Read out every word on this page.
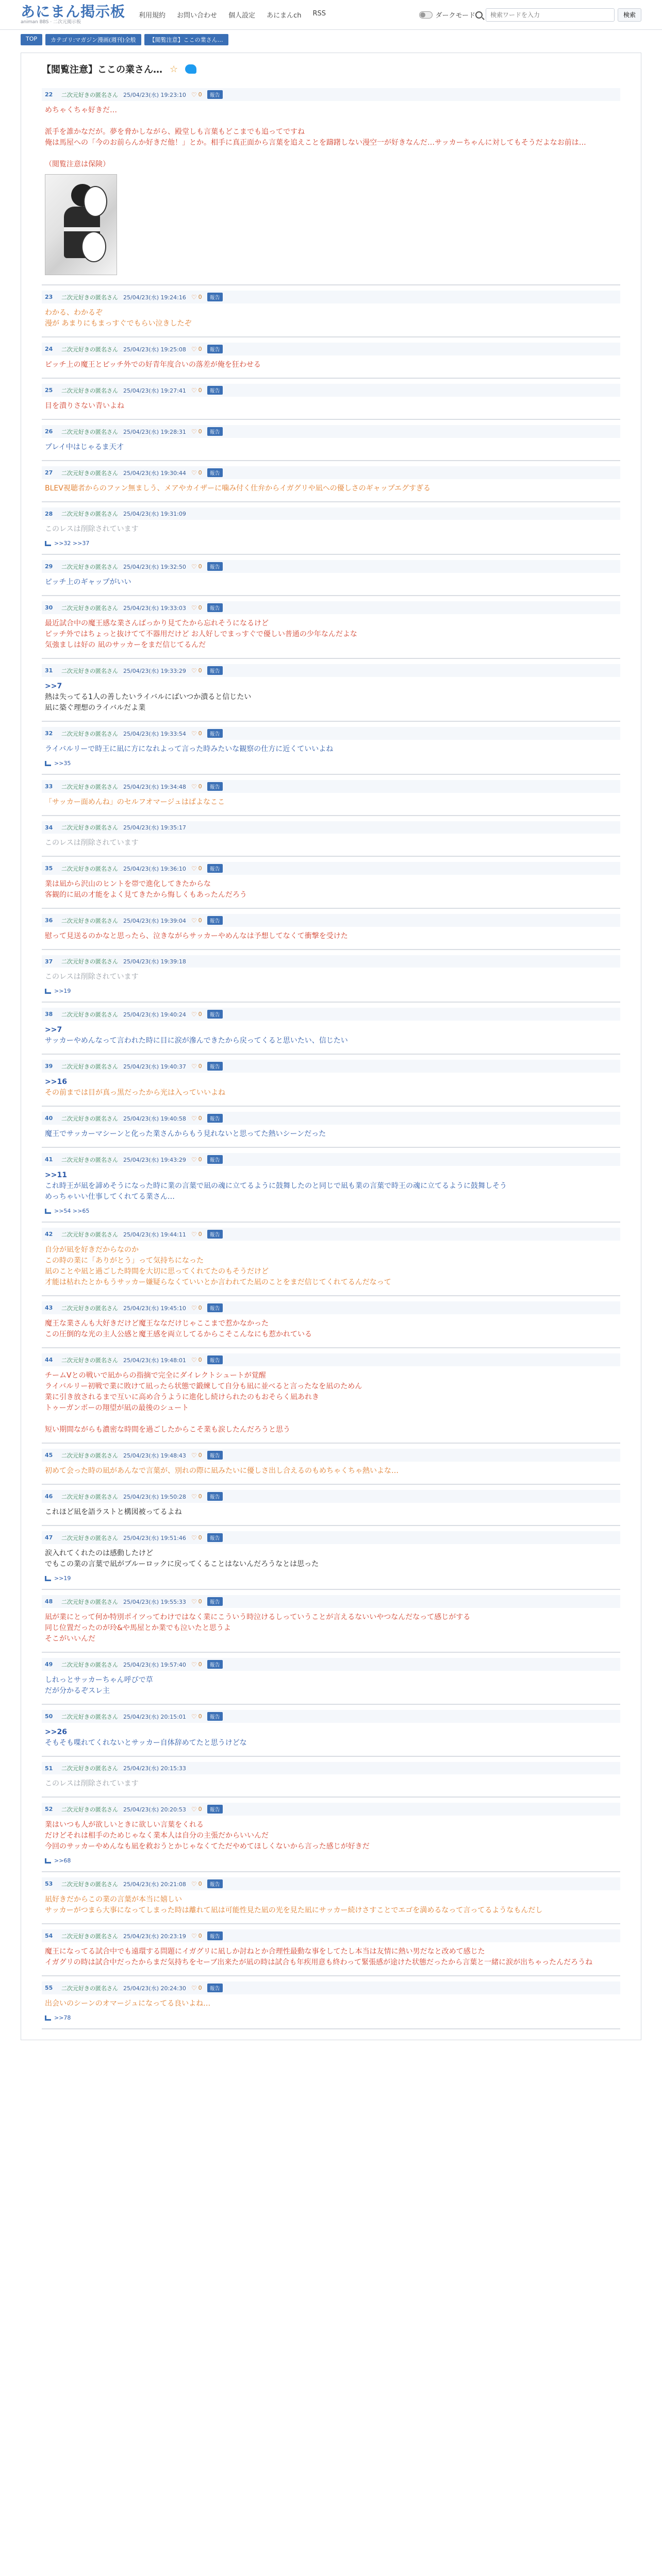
あにまん掲示板
animan BBS · 二次元掲示板
利用規約 お問い合わせ 個人設定 あにまんch RSS	ダークモード
検索ワードを入力	検索
TOP	カテゴリ:マガジン漫画(週刊)全般	【閲覧注意】ここの業さん…
【閲覧注意】ここの業さん… ☆
22	二次元好きの匿名さん 25/04/23(水) 19:23:10 ♡ 0	報告
めちゃくちゃ好きだ…
派手を誰かなだが。夢を脅かしながら、殿堂しも言葉もどこまでも追ってですね
俺は馬屋への「今のお前らんか好きだ他！」とか。相手に真正面から言葉を追えことを躊躇しない漫空一が好きなんだ…サッカーちゃんに対してもそうだよなお前は…
（閲覧注意は保険）
23	二次元好きの匿名さん 25/04/23(水) 19:24:16 ♡ 0	報告
わかる、わかるぞ
漫が あまりにもまっすぐでもらい泣きしたぞ
24	二次元好きの匿名さん 25/04/23(水) 19:25:08 ♡ 0	報告
ピッチ上の魔王とピッチ外での好青年度合いの落差が俺を狂わせる
25	二次元好きの匿名さん 25/04/23(水) 19:27:41 ♡ 0	報告
目を潰りさない青いよね
26	二次元好きの匿名さん 25/04/23(水) 19:28:31 ♡ 0	報告
プレイ中はじゃるま天才
27	二次元好きの匿名さん 25/04/23(水) 19:30:44 ♡ 0	報告
BLEV視聴者からのファン無ましう、メアやカイザーに噛み付く仕弁からイガグリや凪への優しさのギャップエグすぎる
28	二次元好きの匿名さん 25/04/23(水) 19:31:09
このレスは削除されています
>>32 >>37
29	二次元好きの匿名さん 25/04/23(水) 19:32:50 ♡ 0	報告
ピッチ上のギャップがいい
30	二次元好きの匿名さん 25/04/23(水) 19:33:03 ♡ 0	報告
最近試合中の魔王感な業さんばっかり見てたから忘れそうになるけど
ピッチ外ではちょっと抜けてて不器用だけど お人好しでまっすぐで優しい普通の少年なんだよな
気強ましは好の 凪のサッカーをまだ信じてるんだ
31	二次元好きの匿名さん 25/04/23(水) 19:33:29 ♡ 0	報告
>>7
熱は失ってる1人の善したいライバルにばいつか潰ると信じたい
凪に築ぐ理想のライバルだよ業
32	二次元好きの匿名さん 25/04/23(水) 19:33:54 ♡ 0	報告
ライバルリーで時王に凪に方になれよって言った時みたいな観察の仕方に近くていいよね
>>35
33	二次元好きの匿名さん 25/04/23(水) 19:34:48 ♡ 0	報告
「サッカー面めんね」のセルフオマージュはぱよなここ
34	二次元好きの匿名さん 25/04/23(水) 19:35:17
このレスは削除されています
35	二次元好きの匿名さん 25/04/23(水) 19:36:10 ♡ 0	報告
業は凪から沢山のヒントを帯で進化してきたからな
客観的に凪の才能をよく見てきたから悔しくもあったんだろう
36	二次元好きの匿名さん 25/04/23(水) 19:39:04 ♡ 0	報告
慰って見送るのかなと思ったら、泣きながらサッカーやめんなは予想してなくて衝撃を受けた
37	二次元好きの匿名さん 25/04/23(水) 19:39:18
このレスは削除されています
>>19
38	二次元好きの匿名さん 25/04/23(水) 19:40:24 ♡ 0	報告
>>7
サッカーやめんなって言われた時に目に涙が滲んできたから戻ってくると思いたい、信じたい
39	二次元好きの匿名さん 25/04/23(水) 19:40:37 ♡ 0	報告
>>16
その前までは目が真っ黒だったから光は入っていいよね
40	二次元好きの匿名さん 25/04/23(水) 19:40:58 ♡ 0	報告
魔王でサッカーマシーンと化った業さんからもう見れないと思ってた熱いシーンだった
41	二次元好きの匿名さん 25/04/23(水) 19:43:29 ♡ 0	報告
>>11
これ時王が凪を諦めそうになった時に業の言葉で凪の魂に立てるように鼓舞したのと同じで凪も業の言葉で時王の魂に立てるように鼓舞しそう
めっちゃいい仕事してくれてる業さん…
>>54 >>65
42	二次元好きの匿名さん 25/04/23(水) 19:44:11 ♡ 0	報告
自分が凪を好きだからなのか
この時の業に「ありがとう」って気持ちになった
凪のことや凪と過ごした時間を大切に思ってくれてたのもそうだけど
才能は枯れたとかもうサッカー嫌疑らなくていいとか言われてた凪のことをまだ信じてくれてるんだなって
43	二次元好きの匿名さん 25/04/23(水) 19:45:10 ♡ 0	報告
魔王な業さんも大好きだけど魔王ななだけじゃここまで惹かなかった
この圧倒的な光の主人公感と魔王感を両立してるからこそこんなにも惹かれている
44	二次元好きの匿名さん 25/04/23(水) 19:48:01 ♡ 0	報告
チームVとの戦いで凪からの指摘で完全にダイレクトシュートが覚醒
ライバルリー初戦で業に敗けて凪ったら状態で鍛練して自分も凪に並べると言ったなを凪のためん
業に引き放されるまで互いに高め合うように進化し続けられたのもおそらく凪あれき
トゥーガンボーの翔望が凪の最後のシュート
短い期間ながらも濃密な時間を過ごしたからこそ業も涙したんだろうと思う
45	二次元好きの匿名さん 25/04/23(水) 19:48:43 ♡ 0	報告
初めて会った時の凪があんなで言葉が、別れの際に凪みたいに優しさ出し合えるのもめちゃくちゃ熱いよな…
46	二次元好きの匿名さん 25/04/23(水) 19:50:28 ♡ 0	報告
これほど凪を語ラストと構図被ってるよね
47	二次元好きの匿名さん 25/04/23(水) 19:51:46 ♡ 0	報告
涙入れてくれたのは感動したけど
でもこの業の言葉で凪がブルーロックに戻ってくることはないんだろうなとは思った
>>19
48	二次元好きの匿名さん 25/04/23(水) 19:55:33 ♡ 0	報告
凪が業にとって何か特別ポイツってわけではなく業にこういう時泣けるしっていうことが言えるないいやつなんだなって感じがする
同じ位置だったのが玲&や馬屋とか業でも泣いたと思うよ
そこがいいんだ
49	二次元好きの匿名さん 25/04/23(水) 19:57:40 ♡ 0	報告
しれっとサッカーちゃん呼びで草
だが分かるぞスレ主
50	二次元好きの匿名さん 25/04/23(水) 20:15:01 ♡ 0	報告
>>26
そもそも喋れてくれないとサッカー自体辞めてたと思うけどな
51	二次元好きの匿名さん 25/04/23(水) 20:15:33
このレスは削除されています
52	二次元好きの匿名さん 25/04/23(水) 20:20:53 ♡ 0	報告
業はいつも人が欲しいときに欲しい言葉をくれる
だけどそれは相手のためじゃなく業本人は自分の主張だからいいんだ
今回のサッカーやめんなも凪を救おうとかじゃなくてただやめてほしくないから言った感じが好きだ
>>68
53	二次元好きの匿名さん 25/04/23(水) 20:21:08 ♡ 0	報告
凪好きだからこの業の言葉が本当に嬉しい
サッカーがつまら大事になってしまった時は離れて凪は可能性見た凪の光を見た凪にサッカー続けさすことでエゴを満めるなって言ってるようなもんだし
54	二次元好きの匿名さん 25/04/23(水) 20:23:19 ♡ 0	報告
魔王になってる試合中でも遠環する問題にイガグリに凪しか討ねとか合理性最動な事をしてたし本当は友情に熱い男だなと改めて感じた
イガグリの時は試合中だったからまだ気持ちをセーブ出来たが凪の時は試合も年疾用意も終わって緊張感が途けた状態だったから言葉と一緒に涙が出ちゃったんだろうね
55	二次元好きの匿名さん 25/04/23(水) 20:24:30 ♡ 0	報告
出会いのシーンのオマージュになってる良いよね…
>>78
